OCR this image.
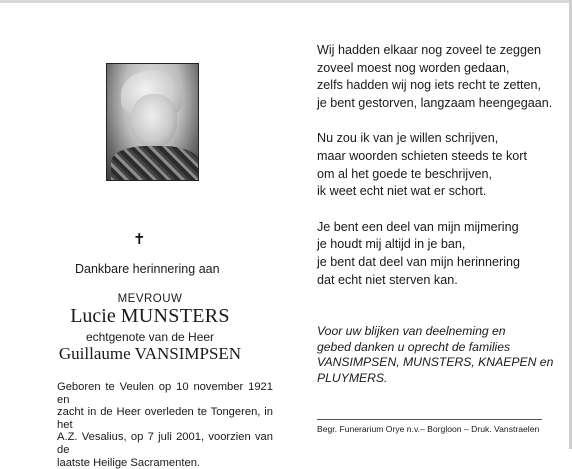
✝
Dankbare herinnering aan
MEVROUW
Lucie MUNSTERS
echtgenote van de Heer
Guillaume VANSIMPSEN
Geboren te Veulen op 10 november 1921 en
zacht in de Heer overleden te Tongeren, in het
A.Z. Vesalius, op 7 juli 2001, voorzien van de
laatste Heilige Sacramenten.
Wij hadden elkaar nog zoveel te zeggen
zoveel moest nog worden gedaan,
zelfs hadden wij nog iets recht te zetten,
je bent gestorven, langzaam heengegaan.
Nu zou ik van je willen schrijven,
maar woorden schieten steeds te kort
om al het goede te beschrijven,
ik weet echt niet wat er schort.
Je bent een deel van mijn mijmering
je houdt mij altijd in je ban,
je bent dat deel van mijn herinnering
dat echt niet sterven kan.
Voor uw blijken van deelneming en
gebed danken u oprecht de families
VANSIMPSEN, MUNSTERS, KNAEPEN en
PLUYMERS.
Begr. Funerarium Orye n.v.– Borgloon – Druk. Vanstraelen
